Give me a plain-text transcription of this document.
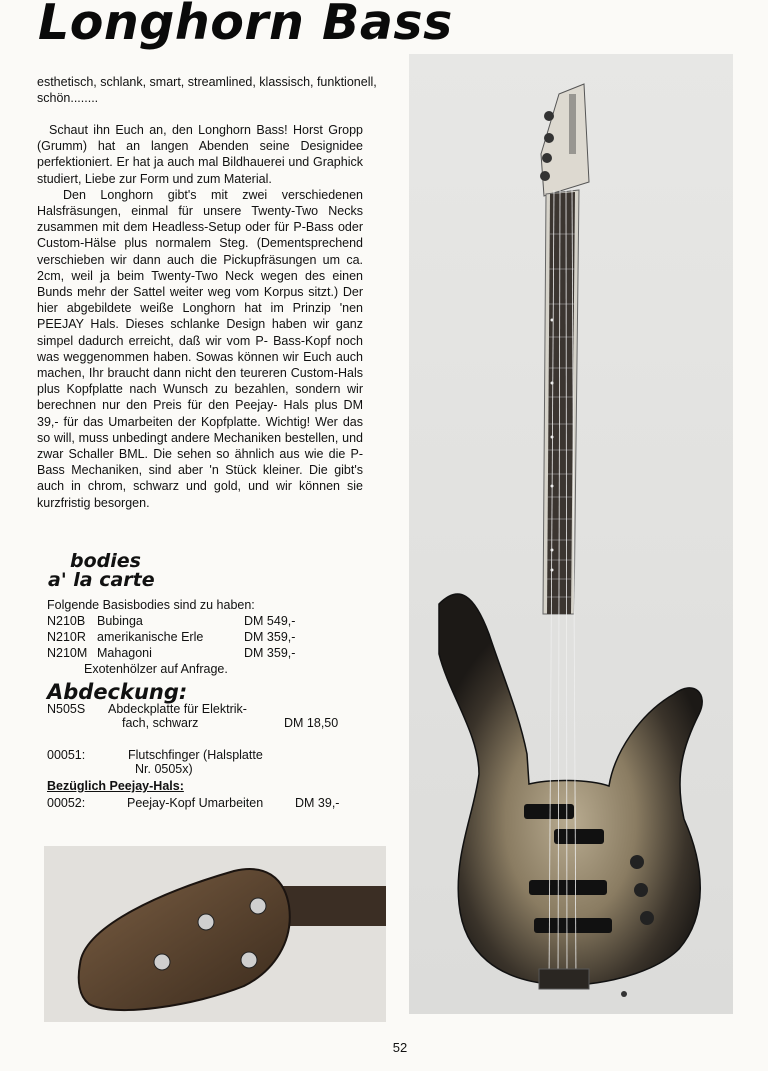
Longhorn Bass
esthetisch, schlank, smart, streamlined, klassisch, funktionell, schön........

Schaut ihn Euch an, den Longhorn Bass! Horst Gropp (Grumm) hat an langen Abenden seine Designidee perfektioniert. Er hat ja auch mal Bildhauerei und Graphick studiert, Liebe zur Form und zum Material.

Den Longhorn gibt's mit zwei verschiedenen Halsfräsungen, einmal für unsere Twenty-Two Necks zusammen mit dem Headless-Setup oder für P-Bass oder Custom-Hälse plus normalem Steg. (Dementsprechend verschieben wir dann auch die Pickupfräsungen um ca. 2cm, weil ja beim Twenty-Two Neck wegen des einen Bunds mehr der Sattel weiter weg vom Korpus sitzt.) Der hier abgebildete weiße Longhorn hat im Prinzip 'nen PEEJAY Hals. Dieses schlanke Design haben wir ganz simpel dadurch erreicht, daß wir vom P- Bass-Kopf noch was weggenommen haben. Sowas können wir Euch auch machen, Ihr braucht dann nicht den teureren Custom-Hals plus Kopfplatte nach Wunsch zu bezahlen, sondern wir berechnen nur den Preis für den Peejay- Hals plus DM 39,- für das Umarbeiten der Kopfplatte. Wichtig! Wer das so will, muss unbedingt andere Mechaniken bestellen, und zwar Schaller BML. Die sehen so ähnlich aus wie die P-Bass Mechaniken, sind aber 'n Stück kleiner. Die gibt's auch in chrom, schwarz und gold, und wir können sie kurzfristig besorgen.

bodies
a' la carte
Folgende Basisbodies sind zu haben:
N210B Bubinga	DM 549,-
N210R amerikanische Erle	DM 359,-
N210M Mahagoni	DM 359,-
Exotenhölzer auf Anfrage.
Abdeckung:
N505S Abdeckplatte für Elektrik-
fach, schwarz	DM 18,50
00051:	Flutschfinger (Halsplatte
Nr. 0505x)
Bezüglich Peejay-Hals:
00052:	Peejay-Kopf Umarbeiten	DM 39,-
52
